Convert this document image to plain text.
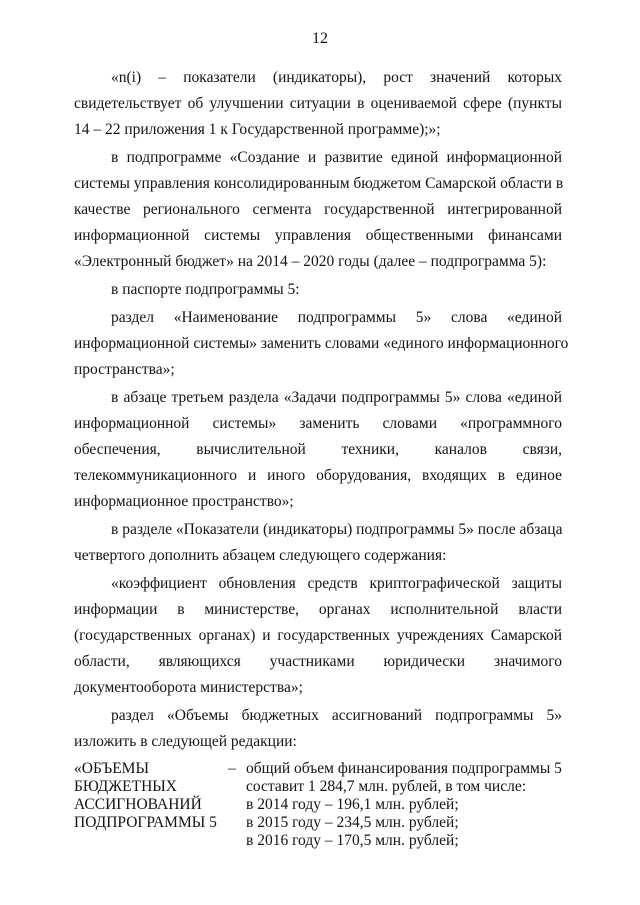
12
«n(i) – показатели (индикаторы), рост значений которых
свидетельствует об улучшении ситуации в оцениваемой сфере (пункты
14 – 22 приложения 1 к Государственной программе);»;
в подпрограмме «Создание и развитие единой информационной
системы управления консолидированным бюджетом Самарской области в
качестве регионального сегмента государственной интегрированной
информационной системы управления общественными финансами
«Электронный бюджет» на 2014 – 2020 годы (далее – подпрограмма 5):
в паспорте подпрограммы 5:
раздел «Наименование подпрограммы 5» слова «единой
информационной системы» заменить словами «единого информационного
пространства»;
в абзаце третьем раздела «Задачи подпрограммы 5» слова «единой
информационной системы» заменить словами «программного
обеспечения, вычислительной техники, каналов связи,
телекоммуникационного и иного оборудования, входящих в единое
информационное пространство»;
в разделе «Показатели (индикаторы) подпрограммы 5» после абзаца
четвертого дополнить абзацем следующего содержания:
«коэффициент обновления средств криптографической защиты
информации в министерстве, органах исполнительной власти
(государственных органах) и государственных учреждениях Самарской
области, являющихся участниками юридически значимого
документооборота министерства»;
раздел «Объемы бюджетных ассигнований подпрограммы 5»
изложить в следующей редакции:
«ОБЪЕМЫ
БЮДЖЕТНЫХ
АССИГНОВАНИЙ
ПОДПРОГРАММЫ 5
– общий объем финансирования подпрограммы 5
составит 1 284,7 млн. рублей, в том числе:
в 2014 году – 196,1 млн. рублей;
в 2015 году – 234,5 млн. рублей;
в 2016 году – 170,5 млн. рублей;
